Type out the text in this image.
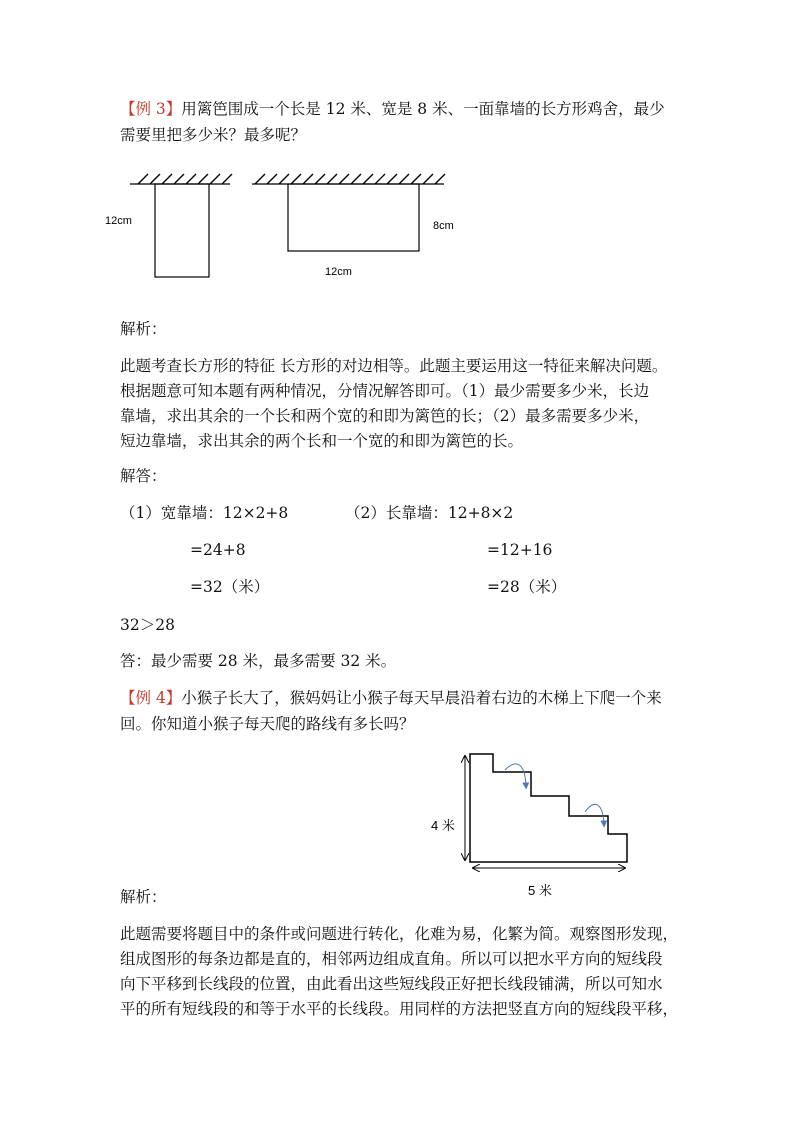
【例 3】用篱笆围成一个长是 12 米、宽是 8 米、一面靠墙的长方形鸡舍，最少
需要里把多少米？最多呢？
12cm	8cm
12cm
解析：
此题考查长方形的特征 长方形的对边相等。此题主要运用这一特征来解决问题。
根据题意可知本题有两种情况，分情况解答即可。（1）最少需要多少米，长边
靠墙，求出其余的一个长和两个宽的和即为篱笆的长；（2）最多需要多少米，
短边靠墙，求出其余的两个长和一个宽的和即为篱笆的长。
解答：
（1）宽靠墙：12×2+8
=24+8
=32（米）
（2）长靠墙：12+8×2
=12+16
=28（米）
32＞28
答：最少需要 28 米，最多需要 32 米。
【例 4】小猴子长大了，猴妈妈让小猴子每天早晨沿着右边的木梯上下爬一个来
回。你知道小猴子每天爬的路线有多长吗？
4 米
5 米
解析：
此题需要将题目中的条件或问题进行转化，化难为易，化繁为简。观察图形发现，
组成图形的每条边都是直的，相邻两边组成直角。所以可以把水平方向的短线段
向下平移到长线段的位置，由此看出这些短线段正好把长线段铺满，所以可知水
平的所有短线段的和等于水平的长线段。用同样的方法把竖直方向的短线段平移，
